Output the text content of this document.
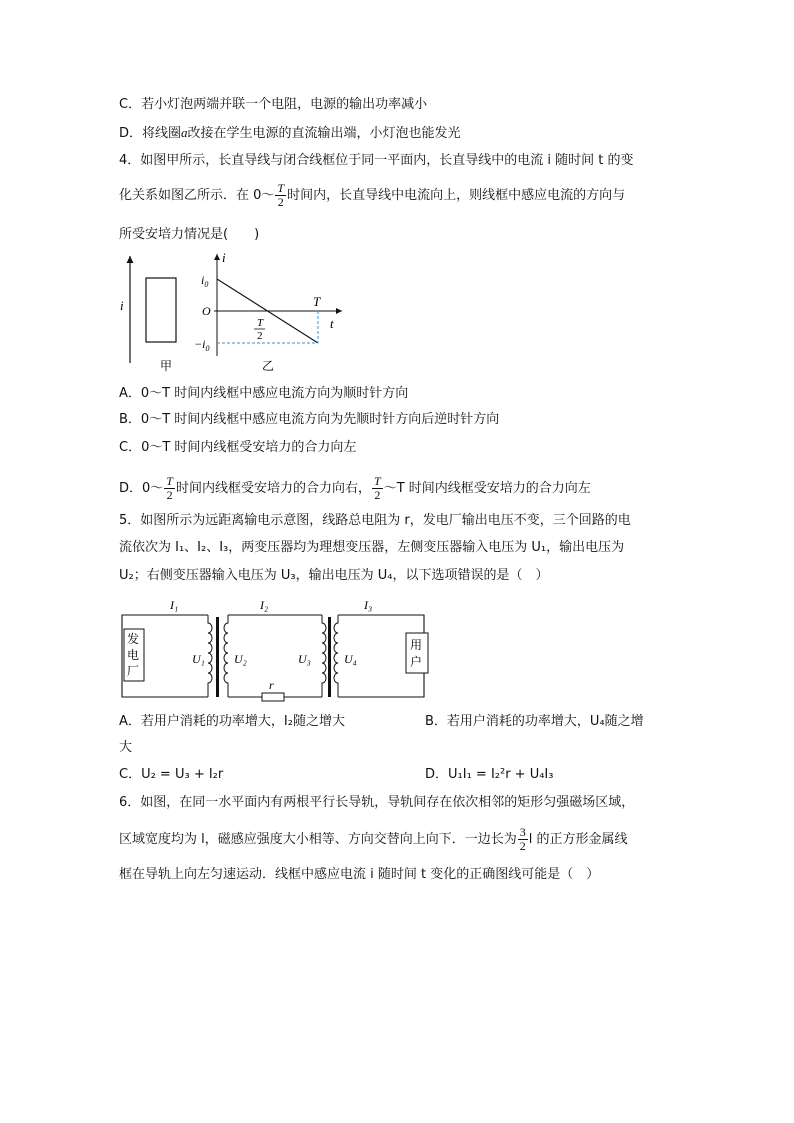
C．若小灯泡两端并联一个电阻，电源的输出功率减小
D．将线圈a改接在学生电源的直流输出端，小灯泡也能发光
4．如图甲所示，长直导线与闭合线框位于同一平面内，长直导线中的电流 i 随时间 t 的变
化关系如图乙所示．在 0～ $\frac{T}{2}$ 时间内，长直导线中电流向上，则线框中感应电流的方向与
所受安培力情况是(　　)
i
甲
i
t
$i_0$
O
$-i_0$
T
T
2
乙
A．0～T 时间内线框中感应电流方向为顺时针方向
B．0～T 时间内线框中感应电流方向为先顺时针方向后逆时针方向
C．0～T 时间内线框受安培力的合力向左
D．0～ $\frac{T}{2}$ 时间内线框受安培力的合力向右， $\frac{T}{2}$ ～T 时间内线框受安培力的合力向左
5．如图所示为远距离输电示意图，线路总电阻为 r，发电厂输出电压不变，三个回路的电
流依次为 I₁、I₂、I₃，两变压器均为理想变压器，左侧变压器输入电压为 U₁，输出电压为
U₂；右侧变压器输入电压为 U₃，输出电压为 U₄，以下选项错误的是（　）
发
电
厂
I₁
U₁
r
I₂
U₂	U₃	U₄
I₃
用
户
A．若用户消耗的功率增大，I₂随之增大	B．若用户消耗的功率增大，U₄随之增
大
C．U₂ = U₃ + I₂r	D．U₁I₁ = I₂²r + U₄I₃
6．如图，在同一水平面内有两根平行长导轨，导轨间存在依次相邻的矩形匀强磁场区域，
区域宽度均为 l，磁感应强度大小相等、方向交替向上向下．一边长为 $\frac{3}{2}$ l 的正方形金属线
框在导轨上向左匀速运动．线框中感应电流 i 随时间 t 变化的正确图线可能是（　）
